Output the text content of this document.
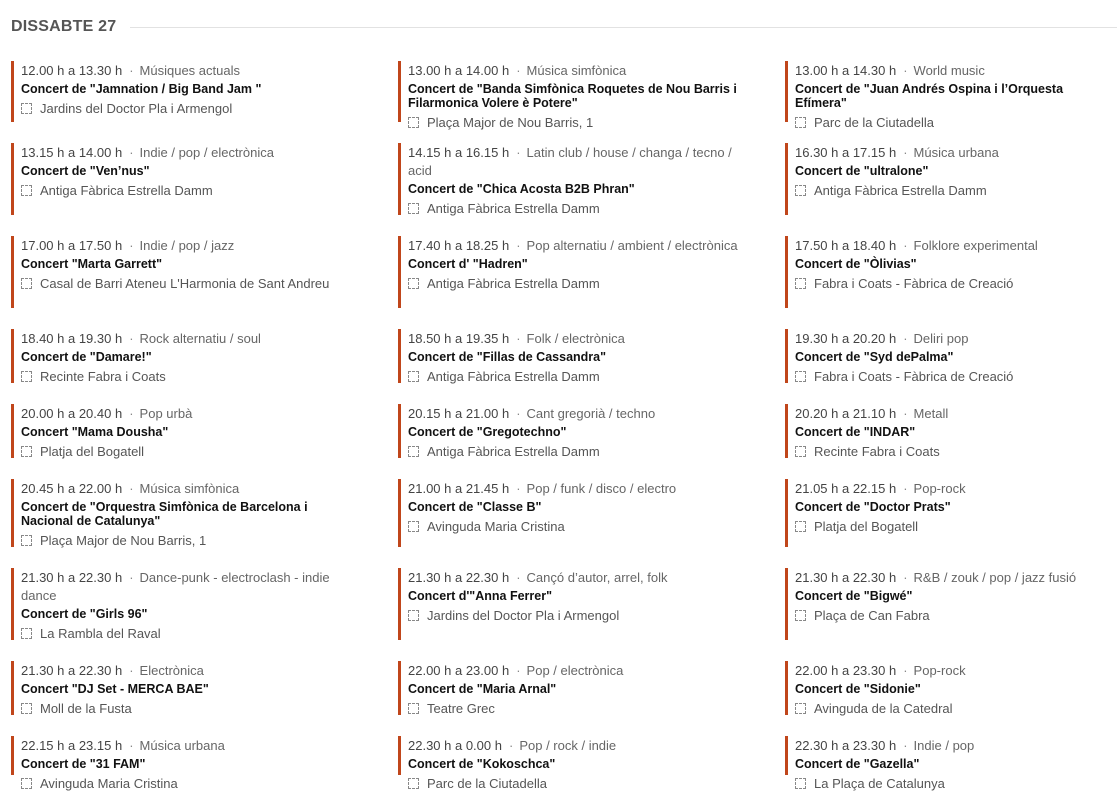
DISSABTE 27
12.00 h a 13.30 h · Músiques actuals
Concert de "Jamnation / Big Band Jam "
Jardins del Doctor Pla i Armengol
13.00 h a 14.00 h · Música simfònica
Concert de "Banda Simfònica Roquetes de Nou Barris i Filarmonica Volere è Potere"
Plaça Major de Nou Barris, 1
13.00 h a 14.30 h · World music
Concert de "Juan Andrés Ospina i l’Orquesta Efímera"
Parc de la Ciutadella
13.15 h a 14.00 h · Indie / pop / electrònica
Concert de "Ven’nus"
Antiga Fàbrica Estrella Damm
14.15 h a 16.15 h · Latin club / house / changa / tecno / acid
Concert de "Chica Acosta B2B Phran"
Antiga Fàbrica Estrella Damm
16.30 h a 17.15 h · Música urbana
Concert de "ultralone"
Antiga Fàbrica Estrella Damm
17.00 h a 17.50 h · Indie / pop / jazz
Concert "Marta Garrett"
Casal de Barri Ateneu L'Harmonia de Sant Andreu
17.40 h a 18.25 h · Pop alternatiu / ambient / electrònica
Concert d' "Hadren"
Antiga Fàbrica Estrella Damm
17.50 h a 18.40 h · Folklore experimental
Concert de "Òlivias"
Fabra i Coats - Fàbrica de Creació
18.40 h a 19.30 h · Rock alternatiu / soul
Concert de "Damare!"
Recinte Fabra i Coats
18.50 h a 19.35 h · Folk / electrònica
Concert de "Fillas de Cassandra"
Antiga Fàbrica Estrella Damm
19.30 h a 20.20 h · Deliri pop
Concert de "Syd dePalma"
Fabra i Coats - Fàbrica de Creació
20.00 h a 20.40 h · Pop urbà
Concert "Mama Dousha"
Platja del Bogatell
20.15 h a 21.00 h · Cant gregorià / techno
Concert de "Gregotechno"
Antiga Fàbrica Estrella Damm
20.20 h a 21.10 h · Metall
Concert de "INDAR"
Recinte Fabra i Coats
20.45 h a 22.00 h · Música simfònica
Concert de "Orquestra Simfònica de Barcelona i Nacional de Catalunya"
Plaça Major de Nou Barris, 1
21.00 h a 21.45 h · Pop / funk / disco / electro
Concert de "Classe B"
Avinguda Maria Cristina
21.05 h a 22.15 h · Pop-rock
Concert de "Doctor Prats"
Platja del Bogatell
21.30 h a 22.30 h · Dance-punk - electroclash - indie dance
Concert de "Girls 96"
La Rambla del Raval
21.30 h a 22.30 h · Cançó d’autor, arrel, folk
Concert d'"Anna Ferrer"
Jardins del Doctor Pla i Armengol
21.30 h a 22.30 h · R&B / zouk / pop / jazz fusió
Concert de "Bigwé"
Plaça de Can Fabra
21.30 h a 22.30 h · Electrònica
Concert "DJ Set - MERCA BAE"
Moll de la Fusta
22.00 h a 23.00 h · Pop / electrònica
Concert de "Maria Arnal"
Teatre Grec
22.00 h a 23.30 h · Pop-rock
Concert de "Sidonie"
Avinguda de la Catedral
22.15 h a 23.15 h · Música urbana
Concert de "31 FAM"
Avinguda Maria Cristina
22.30 h a 0.00 h · Pop / rock / indie
Concert de "Kokoschca"
Parc de la Ciutadella
22.30 h a 23.30 h · Indie / pop
Concert de "Gazella"
La Plaça de Catalunya
